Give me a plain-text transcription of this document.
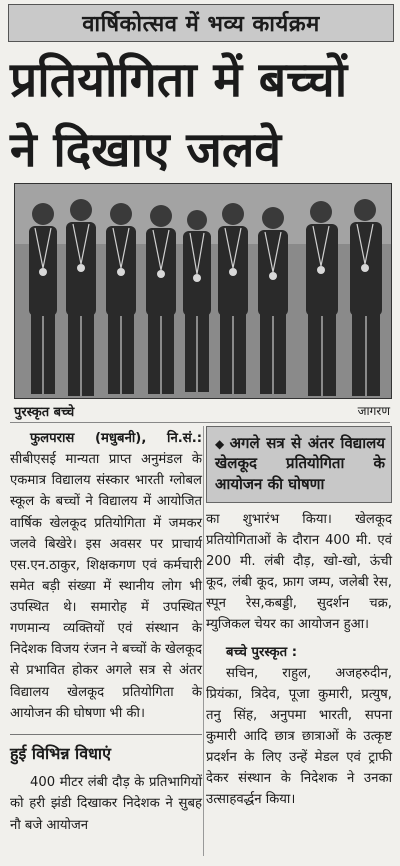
वार्षिकोत्सव में भव्य कार्यक्रम
प्रतियोगिता में बच्चों
ने दिखाए जलवे
पुरस्कृत बच्चे	जागरण

फुलपरास (मधुबनी), नि.सं.: सीबीएसई मान्यता प्राप्त अनुमंडल के एकमात्र विद्यालय संस्कार भारती ग्लोबल स्कूल के बच्चों ने विद्यालय में आयोजित वार्षिक खेलकूद प्रतियोगिता में जमकर जलवे बिखेरे। इस अवसर पर प्राचार्य एस.एन.ठाकुर, शिक्षकगण एवं कर्मचारी समेत बड़ी संख्या में स्थानीय लोग भी उपस्थित थे। समारोह में उपस्थित गणमान्य व्यक्तियों एवं संस्थान के निदेशक विजय रंजन ने बच्चों के खेलकूद से प्रभावित होकर अगले सत्र से अंतर विद्यालय खेलकूद प्रतियोगिता के आयोजन की घोषणा भी की।

हुई विभिन्न विधाएं

400 मीटर लंबी दौड़ के प्रतिभागियों को हरी झंडी दिखाकर निदेशक ने सुबह नौ बजे आयोजन

◆ अगले सत्र से अंतर विद्यालय खेलकूद प्रतियोगिता के आयोजन की घोषणा

का शुभारंभ किया। खेलकूद प्रतियोगिताओं के दौरान 400 मी. एवं 200 मी. लंबी दौड़, खो-खो, ऊंची कूद, लंबी कूद, फ्राग जम्प, जलेबी रेस, स्पून रेस,कबड्डी, सुदर्शन चक्र, म्युजिकल चेयर का आयोजन हुआ।

बच्चे पुरस्कृत :

सचिन, राहुल, अजहरुदीन, प्रियंका, त्रिदेव, पूजा कुमारी, प्रत्युष, तनु सिंह, अनुपमा भारती, सपना कुमारी आदि छात्र छात्राओं के उत्कृष्ट प्रदर्शन के लिए उन्हें मेडल एवं ट्राफी देकर संस्थान के निदेशक ने उनका उत्साहवर्द्धन किया।
